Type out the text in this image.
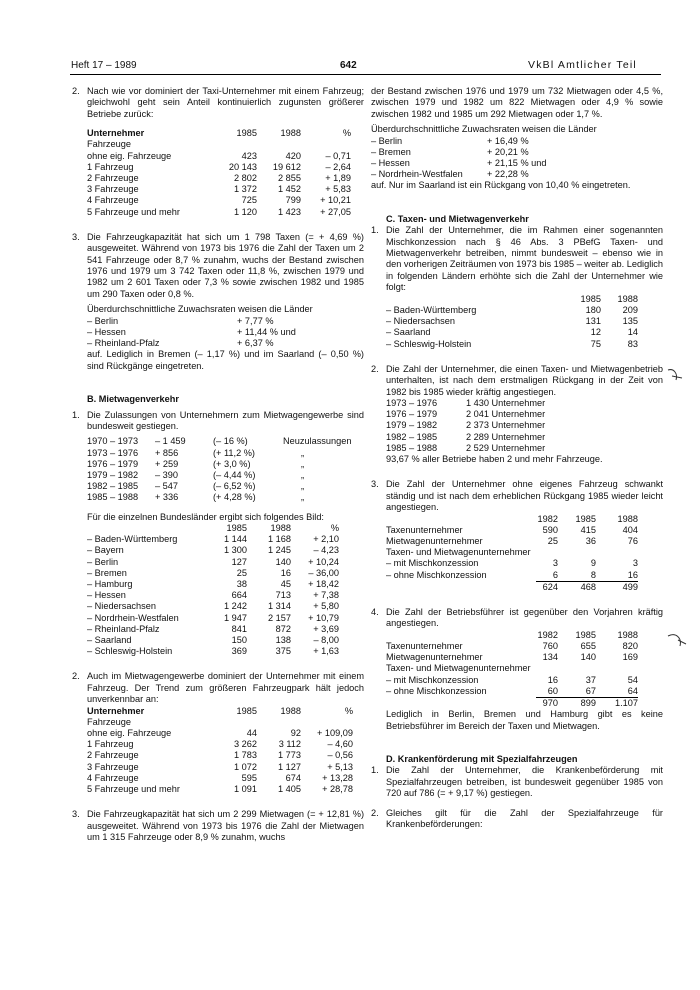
Heft 17 – 1989	642	VkBl Amtlicher Teil
2. Nach wie vor dominiert der Taxi-Unternehmer mit einem Fahrzeug; gleichwohl geht sein Anteil kontinuierlich zugunsten größerer Betriebe zurück:

Unternehmer	1985	1988	%
Fahrzeuge			
ohne eig. Fahrzeuge	423	420	– 0,71
1 Fahrzeug	20 143	19 612	– 2,64
2 Fahrzeuge	2 802	2 855	+ 1,89
3 Fahrzeuge	1 372	1 452	+ 5,83
4 Fahrzeuge	725	799	+ 10,21
5 Fahrzeuge und mehr	1 120	1 423	+ 27,05
3. Die Fahrzeugkapazität hat sich um 1 798 Taxen (= + 4,69 %) ausgeweitet. Während von 1973 bis 1976 die Zahl der Taxen um 2 541 Fahrzeuge oder 8,7 % zunahm, wuchs der Bestand zwischen 1976 und 1979 um 3 742 Taxen oder 11,8 %, zwischen 1979 und 1982 um 2 601 Taxen oder 7,3 % sowie zwischen 1982 und 1985 um 290 Taxen oder 0,8 %.

Überdurchschnittliche Zuwachsraten weisen die Länder

– Berlin	+ 7,77 %
– Hessen	+ 11,44 % und
– Rheinland-Pfalz	+ 6,37 %

auf. Lediglich in Bremen (– 1,17 %) und im Saarland (– 0,50 %) sind Rückgänge eingetreten.

B. Mietwagenverkehr

1. Die Zulassungen von Unternehmern zum Mietwagengewerbe sind bundesweit gestiegen.

1970 – 1973	– 1 459	(– 16 %)	Neuzulassungen
1973 – 1976	+ 856	(+ 11,2 %)	„
1976 – 1979	+ 259	(+ 3,0 %)	„
1979 – 1982	– 390	(– 4,44 %)	„
1982 – 1985	– 547	(– 6,52 %)	„
1985 – 1988	+ 336	(+ 4,28 %)	„

Für die einzelnen Bundesländer ergibt sich folgendes Bild:

	1985	1988	%
– Baden-Württemberg	1 144	1 168	+ 2,10
– Bayern	1 300	1 245	– 4,23
– Berlin	127	140	+ 10,24
– Bremen	25	16	– 36,00
– Hamburg	38	45	+ 18,42
– Hessen	664	713	+ 7,38
– Niedersachsen	1 242	1 314	+ 5,80
– Nordrhein-Westfalen	1 947	2 157	+ 10,79
– Rheinland-Pfalz	841	872	+ 3,69
– Saarland	150	138	– 8,00
– Schleswig-Holstein	369	375	+ 1,63
2. Auch im Mietwagengewerbe dominiert der Unternehmer mit einem Fahrzeug. Der Trend zum größeren Fahrzeugpark hält jedoch unverkennbar an:

Unternehmer	1985	1988	%
Fahrzeuge			
ohne eig. Fahrzeuge	44	92	+ 109,09
1 Fahrzeug	3 262	3 112	– 4,60
2 Fahrzeuge	1 783	1 773	– 0,56
3 Fahrzeuge	1 072	1 127	+ 5,13
4 Fahrzeuge	595	674	+ 13,28
5 Fahrzeuge und mehr	1 091	1 405	+ 28,78
3. Die Fahrzeugkapazität hat sich um 2 299 Mietwagen (= + 12,81 %) ausgeweitet. Während von 1973 bis 1976 die Zahl der Mietwagen um 1 315 Fahrzeuge oder 8,9 % zunahm, wuchs

der Bestand zwischen 1976 und 1979 um 732 Mietwagen oder 4,5 %, zwischen 1979 und 1982 um 822 Mietwagen oder 4,9 % sowie zwischen 1982 und 1985 um 292 Mietwagen oder 1,7 %.

Überdurchschnittliche Zuwachsraten weisen die Länder

– Berlin	+ 16,49 %
– Bremen	+ 20,21 %
– Hessen	+ 21,15 % und
– Nordrhein-Westfalen	+ 22,28 %

auf. Nur im Saarland ist ein Rückgang von 10,40 % eingetreten.

C. Taxen- und Mietwagenverkehr

1. Die Zahl der Unternehmer, die im Rahmen einer sogenannten Mischkonzession nach § 46 Abs. 3 PBefG Taxen- und Mietwagenverkehr betreiben, nimmt bundesweit – ebenso wie in den vorherigen Zeiträumen von 1973 bis 1985 – weiter ab. Lediglich in folgenden Ländern erhöhte sich die Zahl der Unternehmer wie folgt:

	1985	1988
– Baden-Württemberg	180	209
– Niedersachsen	131	135
– Saarland	12	14
– Schleswig-Holstein	75	83
2. Die Zahl der Unternehmer, die einen Taxen- und Mietwagenbetrieb unterhalten, ist nach dem erstmaligen Rückgang in der Zeit von 1982 bis 1985 wieder kräftig angestiegen.

1973 – 1976	1 430 Unternehmer
1976 – 1979	2 041 Unternehmer
1979 – 1982	2 373 Unternehmer
1982 – 1985	2 289 Unternehmer
1985 – 1988	2 529 Unternehmer

93,67 % aller Betriebe haben 2 und mehr Fahrzeuge.

3. Die Zahl der Unternehmer ohne eigenes Fahrzeug schwankt ständig und ist nach dem erheblichen Rückgang 1985 wieder leicht angestiegen.

	1982	1985	1988
Taxenunternehmer	590	415	404
Mietwagenunternehmer	25	36	76
Taxen- und Mietwagenunternehmer			
– mit Mischkonzession	3	9	3
– ohne Mischkonzession	6	8	16
	624	468	499
4. Die Zahl der Betriebsführer ist gegenüber den Vorjahren kräftig angestiegen.

	1982	1985	1988
Taxenunternehmer	760	655	820
Mietwagenunternehmer	134	140	169
Taxen- und Mietwagenunternehmer			
– mit Mischkonzession	16	37	54
– ohne Mischkonzession	60	67	64
	970	899	1.107

Lediglich in Berlin, Bremen und Hamburg gibt es keine Betriebsführer im Bereich der Taxen und Mietwagen.

D. Krankenförderung mit Spezialfahrzeugen

1. Die Zahl der Unternehmer, die Krankenbeförderung mit Spezialfahrzeugen betreiben, ist bundesweit gegenüber 1985 von 720 auf 786 (= + 9,17 %) gestiegen.

2. Gleiches gilt für die Zahl der Spezialfahrzeuge für Krankenbeförderungen:
